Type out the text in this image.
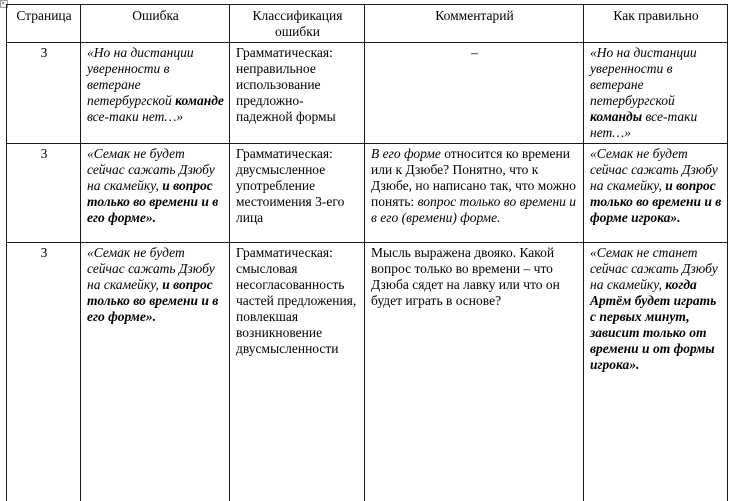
Страница	Ошибка	Классификация ошибки	Комментарий	Как правильно
3	«Но на дистанции уверенности в ветеране петербургской команде все-таки нет…»	Грамматическая: неправильное использование предложно-падежной формы	–	«Но на дистанции уверенности в ветеране петербургской команды все-таки нет…»
3	«Семак не будет сейчас сажать Дзюбу на скамейку, и вопрос только во времени и в его форме».	Грамматическая: двусмысленное употребление местоимения 3-его лица	В его форме относится ко времени или к Дзюбе? Понятно, что к Дзюбе, но написано так, что можно понять: вопрос только во времени и в его (времени) форме.	«Семак не будет сейчас сажать Дзюбу на скамейку, и вопрос только во времени и в форме игрока».
3	«Семак не будет сейчас сажать Дзюбу на скамейку, и вопрос только во времени и в его форме».	Грамматическая: смысловая несогласованность частей предложения, повлекшая возникновение двусмысленности	Мысль выражена двояко. Какой вопрос только во времени – что Дзюба сядет на лавку или что он будет играть в основе?	«Семак не станет сейчас сажать Дзюбу на скамейку, когда Артём будет играть с первых минут, зависит только от времени и от формы игрока».
